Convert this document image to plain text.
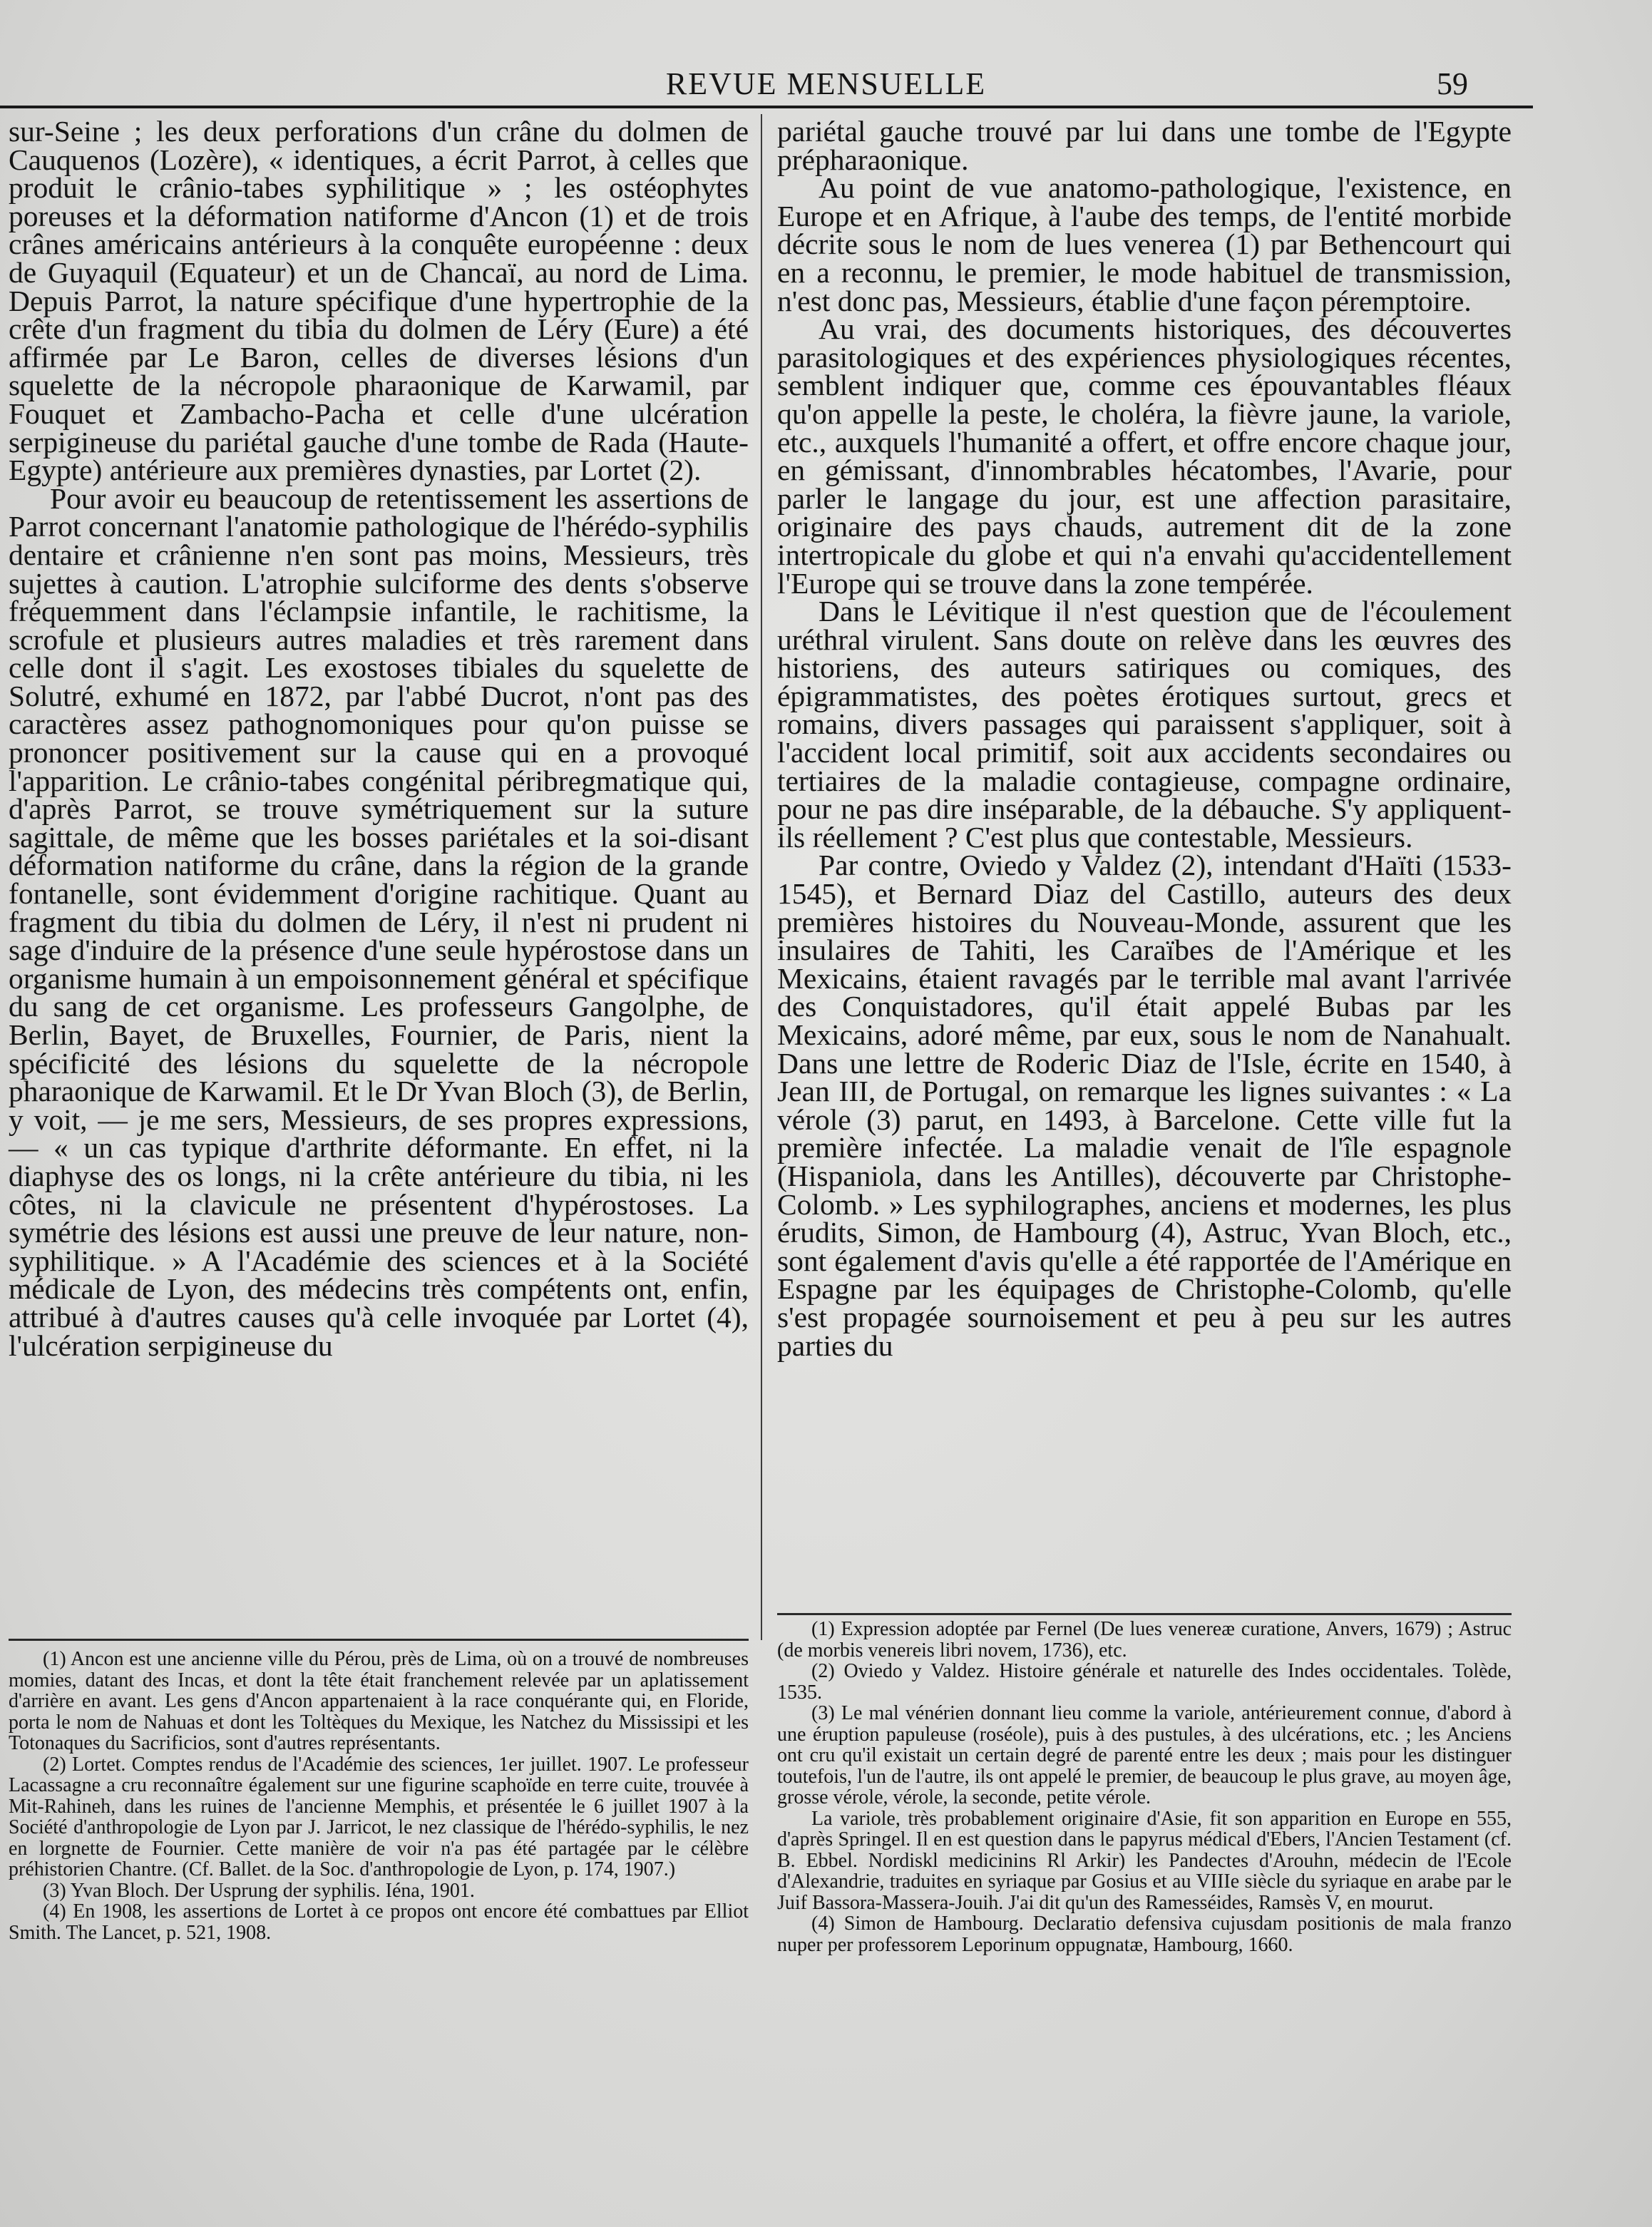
REVUE MENSUELLE	59

sur-Seine ; les deux perforations d'un crâne du dolmen de Cauquenos (Lozère), « identiques, a écrit Parrot, à celles que produit le crânio-tabes syphilitique » ; les ostéophytes poreuses et la déformation natiforme d'Ancon (1) et de trois crânes américains antérieurs à la conquête européenne : deux de Guyaquil (Equateur) et un de Chancaï, au nord de Lima. Depuis Parrot, la nature spécifique d'une hypertrophie de la crête d'un fragment du tibia du dolmen de Léry (Eure) a été affirmée par Le Baron, celles de diverses lésions d'un squelette de la nécropole pharaonique de Karwamil, par Fouquet et Zambacho-Pacha et celle d'une ulcération serpigineuse du pariétal gauche d'une tombe de Rada (Haute-Egypte) antérieure aux premières dynasties, par Lortet (2).

Pour avoir eu beaucoup de retentissement les assertions de Parrot concernant l'anatomie pathologique de l'hérédo-syphilis dentaire et crânienne n'en sont pas moins, Messieurs, très sujettes à caution. L'atrophie sulciforme des dents s'observe fréquemment dans l'éclampsie infantile, le rachitisme, la scrofule et plusieurs autres maladies et très rarement dans celle dont il s'agit. Les exostoses tibiales du squelette de Solutré, exhumé en 1872, par l'abbé Ducrot, n'ont pas des caractères assez pathognomoniques pour qu'on puisse se prononcer positivement sur la cause qui en a provoqué l'apparition. Le crânio-tabes congénital péribregmatique qui, d'après Parrot, se trouve symétriquement sur la suture sagittale, de même que les bosses pariétales et la soi-disant déformation natiforme du crâne, dans la région de la grande fontanelle, sont évidemment d'origine rachitique. Quant au fragment du tibia du dolmen de Léry, il n'est ni prudent ni sage d'induire de la présence d'une seule hypérostose dans un organisme humain à un empoisonnement général et spécifique du sang de cet organisme. Les professeurs Gangolphe, de Berlin, Bayet, de Bruxelles, Fournier, de Paris, nient la spécificité des lésions du squelette de la nécropole pharaonique de Karwamil. Et le Dr Yvan Bloch (3), de Berlin, y voit, — je me sers, Messieurs, de ses propres expressions, — « un cas typique d'arthrite déformante. En effet, ni la diaphyse des os longs, ni la crête antérieure du tibia, ni les côtes, ni la clavicule ne présentent d'hypérostoses. La symétrie des lésions est aussi une preuve de leur nature, non-syphilitique. » A l'Académie des sciences et à la Société médicale de Lyon, des médecins très compétents ont, enfin, attribué à d'autres causes qu'à celle invoquée par Lortet (4), l'ulcération serpigineuse du

pariétal gauche trouvé par lui dans une tombe de l'Egypte prépharaonique.

Au point de vue anatomo-pathologique, l'existence, en Europe et en Afrique, à l'aube des temps, de l'entité morbide décrite sous le nom de lues venerea (1) par Bethencourt qui en a reconnu, le premier, le mode habituel de transmission, n'est donc pas, Messieurs, établie d'une façon péremptoire.

Au vrai, des documents historiques, des découvertes parasitologiques et des expériences physiologiques récentes, semblent indiquer que, comme ces épouvantables fléaux qu'on appelle la peste, le choléra, la fièvre jaune, la variole, etc., auxquels l'humanité a offert, et offre encore chaque jour, en gémissant, d'innombrables hécatombes, l'Avarie, pour parler le langage du jour, est une affection parasitaire, originaire des pays chauds, autrement dit de la zone intertropicale du globe et qui n'a envahi qu'accidentellement l'Europe qui se trouve dans la zone tempérée.

Dans le Lévitique il n'est question que de l'écoulement uréthral virulent. Sans doute on relève dans les œuvres des historiens, des auteurs satiriques ou comiques, des épigrammatistes, des poètes érotiques surtout, grecs et romains, divers passages qui paraissent s'appliquer, soit à l'accident local primitif, soit aux accidents secondaires ou tertiaires de la maladie contagieuse, compagne ordinaire, pour ne pas dire inséparable, de la débauche. S'y appliquent-ils réellement ? C'est plus que contestable, Messieurs.

Par contre, Oviedo y Valdez (2), intendant d'Haïti (1533-1545), et Bernard Diaz del Castillo, auteurs des deux premières histoires du Nouveau-Monde, assurent que les insulaires de Tahiti, les Caraïbes de l'Amérique et les Mexicains, étaient ravagés par le terrible mal avant l'arrivée des Conquistadores, qu'il était appelé Bubas par les Mexicains, adoré même, par eux, sous le nom de Nanahualt. Dans une lettre de Roderic Diaz de l'Isle, écrite en 1540, à Jean III, de Portugal, on remarque les lignes suivantes : « La vérole (3) parut, en 1493, à Barcelone. Cette ville fut la première infectée. La maladie venait de l'île espagnole (Hispaniola, dans les Antilles), découverte par Christophe-Colomb. » Les syphilographes, anciens et modernes, les plus érudits, Simon, de Hambourg (4), Astruc, Yvan Bloch, etc., sont également d'avis qu'elle a été rapportée de l'Amérique en Espagne par les équipages de Christophe-Colomb, qu'elle s'est propagée sournoisement et peu à peu sur les autres parties du

(1) Ancon est une ancienne ville du Pérou, près de Lima, où on a trouvé de nombreuses momies, datant des Incas, et dont la tête était franchement relevée par un aplatissement d'arrière en avant. Les gens d'Ancon appartenaient à la race conquérante qui, en Floride, porta le nom de Nahuas et dont les Toltèques du Mexique, les Natchez du Mississipi et les Totonaques du Sacrificios, sont d'autres représentants.

(2) Lortet. Comptes rendus de l'Académie des sciences, 1er juillet. 1907. Le professeur Lacassagne a cru reconnaître également sur une figurine scaphoïde en terre cuite, trouvée à Mit-Rahineh, dans les ruines de l'ancienne Memphis, et présentée le 6 juillet 1907 à la Société d'anthropologie de Lyon par J. Jarricot, le nez classique de l'hérédo-syphilis, le nez en lorgnette de Fournier. Cette manière de voir n'a pas été partagée par le célèbre préhistorien Chantre. (Cf. Ballet. de la Soc. d'anthropologie de Lyon, p. 174, 1907.)

(3) Yvan Bloch. Der Usprung der syphilis. Iéna, 1901.

(4) En 1908, les assertions de Lortet à ce propos ont encore été combattues par Elliot Smith. The Lancet, p. 521, 1908.

(1) Expression adoptée par Fernel (De lues venereæ curatione, Anvers, 1679) ; Astruc (de morbis venereis libri novem, 1736), etc.

(2) Oviedo y Valdez. Histoire générale et naturelle des Indes occidentales. Tolède, 1535.

(3) Le mal vénérien donnant lieu comme la variole, antérieurement connue, d'abord à une éruption papuleuse (roséole), puis à des pustules, à des ulcérations, etc. ; les Anciens ont cru qu'il existait un certain degré de parenté entre les deux ; mais pour les distinguer toutefois, l'un de l'autre, ils ont appelé le premier, de beaucoup le plus grave, au moyen âge, grosse vérole, vérole, la seconde, petite vérole.

La variole, très probablement originaire d'Asie, fit son apparition en Europe en 555, d'après Springel. Il en est question dans le papyrus médical d'Ebers, l'Ancien Testament (cf. B. Ebbel. Nordiskl medicinins Rl Arkir) les Pandectes d'Arouhn, médecin de l'Ecole d'Alexandrie, traduites en syriaque par Gosius et au VIIIe siècle du syriaque en arabe par le Juif Bassora-Massera-Jouih. J'ai dit qu'un des Ramesséides, Ramsès V, en mourut.

(4) Simon de Hambourg. Declaratio defensiva cujusdam positionis de mala franzo nuper per professorem Leporinum oppugnatæ, Hambourg, 1660.
